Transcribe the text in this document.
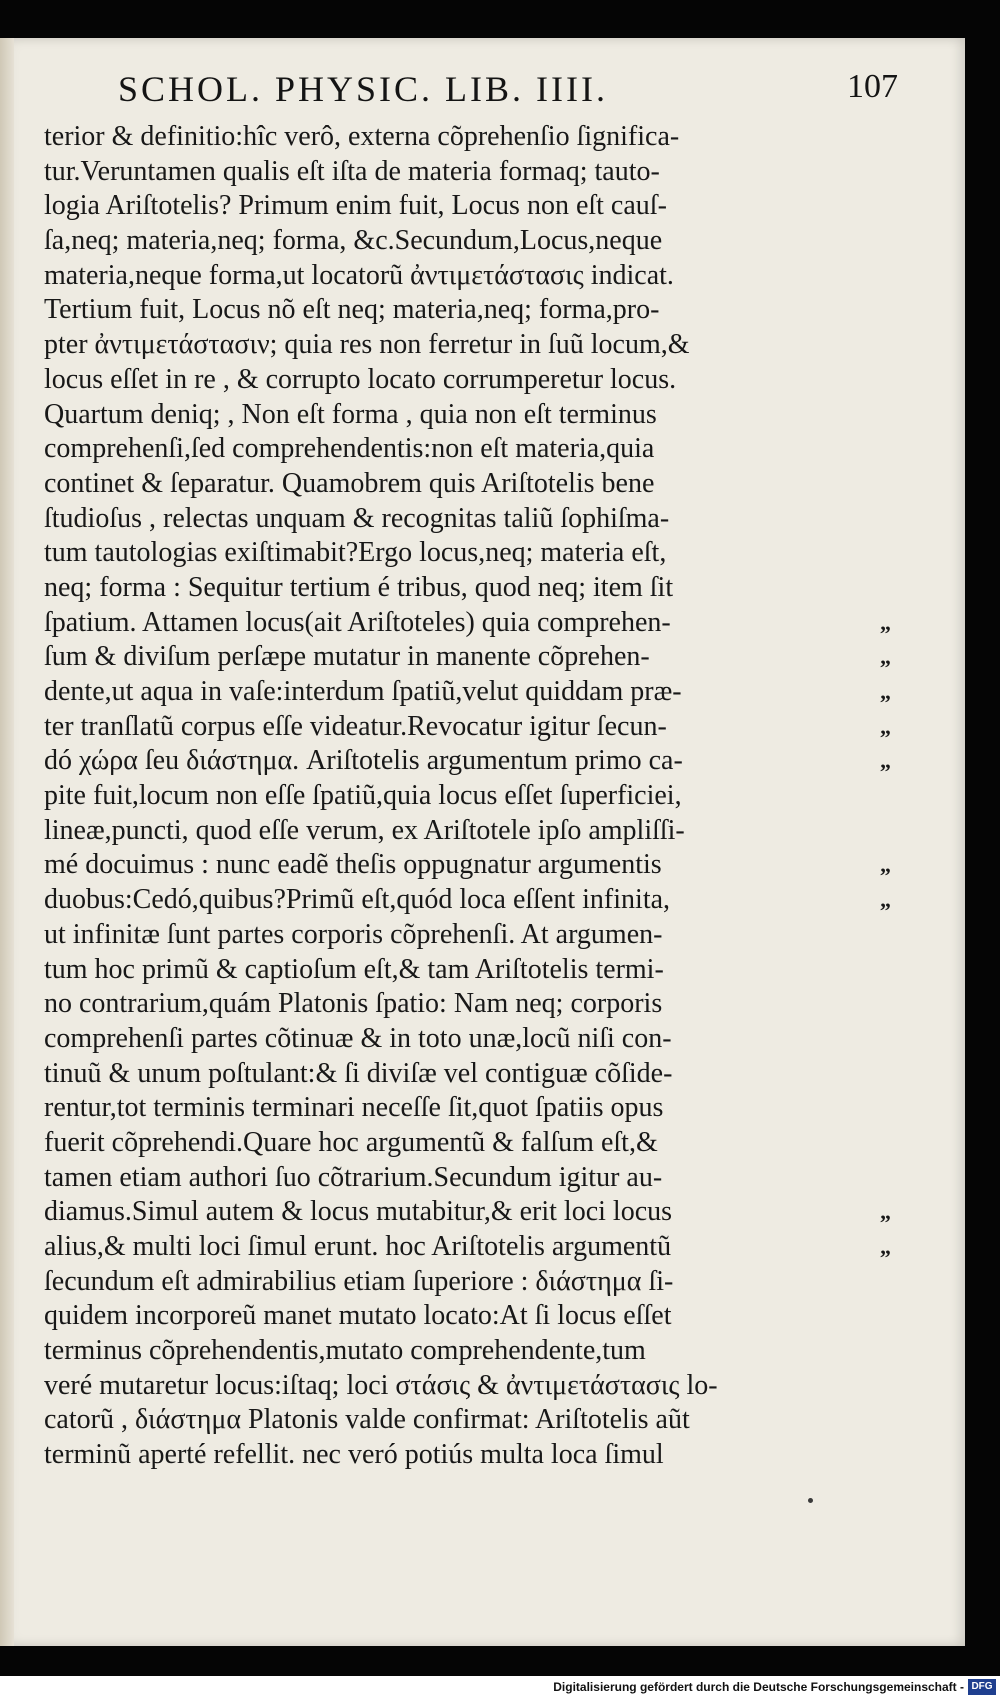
SCHOL. PHYSIC. LIB. IIII.	107
terior & definitio:hîc verô, externa cõprehenſio ſignifica-
tur.Veruntamen qualis eſt iſta de materia formaq; tauto-
logia Ariſtotelis? Primum enim fuit, Locus non eſt cauſ-
ſa,neq; materia,neq; forma, &c.Secundum,Locus,neque
materia,neque forma,ut locatorũ ἀντιμετάστασις indicat.
Tertium fuit, Locus nõ eſt neq; materia,neq; forma,pro-
pter ἀντιμετάστασιν; quia res non ferretur in ſuũ locum,&
locus eſſet in re , & corrupto locato corrumperetur locus.
Quartum deniq; , Non eſt forma , quia non eſt terminus
comprehenſi,ſed comprehendentis:non eſt materia,quia
continet & ſeparatur. Quamobrem quis Ariſtotelis bene
ſtudioſus , relectas unquam & recognitas taliũ ſophiſma-
tum tautologias exiſtimabit?Ergo locus,neq; materia eſt,
neq; forma : Sequitur tertium é tribus, quod neq; item ſit
ſpatium. Attamen locus(ait Ariſtoteles) quia comprehen-	„
ſum & diviſum perſæpe mutatur in manente cõprehen-	„
dente,ut aqua in vaſe:interdum ſpatiũ,velut quiddam præ-	„
ter tranſlatũ corpus eſſe videatur.Revocatur igitur ſecun-	„
dó χώρα ſeu διάστημα. Ariſtotelis argumentum primo ca-	„
pite fuit,locum non eſſe ſpatiũ,quia locus eſſet ſuperficiei,
lineæ,puncti, quod eſſe verum, ex Ariſtotele ipſo ampliſſi-
mé docuimus : nunc eadẽ theſis oppugnatur argumentis	„
duobus:Cedó,quibus?Primũ eſt,quód loca eſſent infinita,	„
ut infinitæ ſunt partes corporis cõprehenſi. At argumen-
tum hoc primũ & captioſum eſt,& tam Ariſtotelis termi-
no contrarium,quám Platonis ſpatio: Nam neq; corporis
comprehenſi partes cõtinuæ & in toto unæ,locũ niſi con-
tinuũ & unum poſtulant:& ſi diviſæ vel contiguæ cõſide-
rentur,tot terminis terminari neceſſe ſit,quot ſpatiis opus
fuerit cõprehendi.Quare hoc argumentũ & falſum eſt,&
tamen etiam authori ſuo cõtrarium.Secundum igitur au-
diamus.Simul autem & locus mutabitur,& erit loci locus	„
alius,& multi loci ſimul erunt. hoc Ariſtotelis argumentũ	„
ſecundum eſt admirabilius etiam ſuperiore : διάστημα ſi-
quidem incorporeũ manet mutato locato:At ſi locus eſſet
terminus cõprehendentis,mutato comprehendente,tum
veré mutaretur locus:iſtaq; loci στάσις & ἀντιμετάστασις lo-
catorũ , διάστημα Platonis valde confirmat: Ariſtotelis aũt
terminũ aperté refellit. nec veró potiús multa loca ſimul
Digitalisierung gefördert durch die Deutsche Forschungsgemeinschaft - DFG
